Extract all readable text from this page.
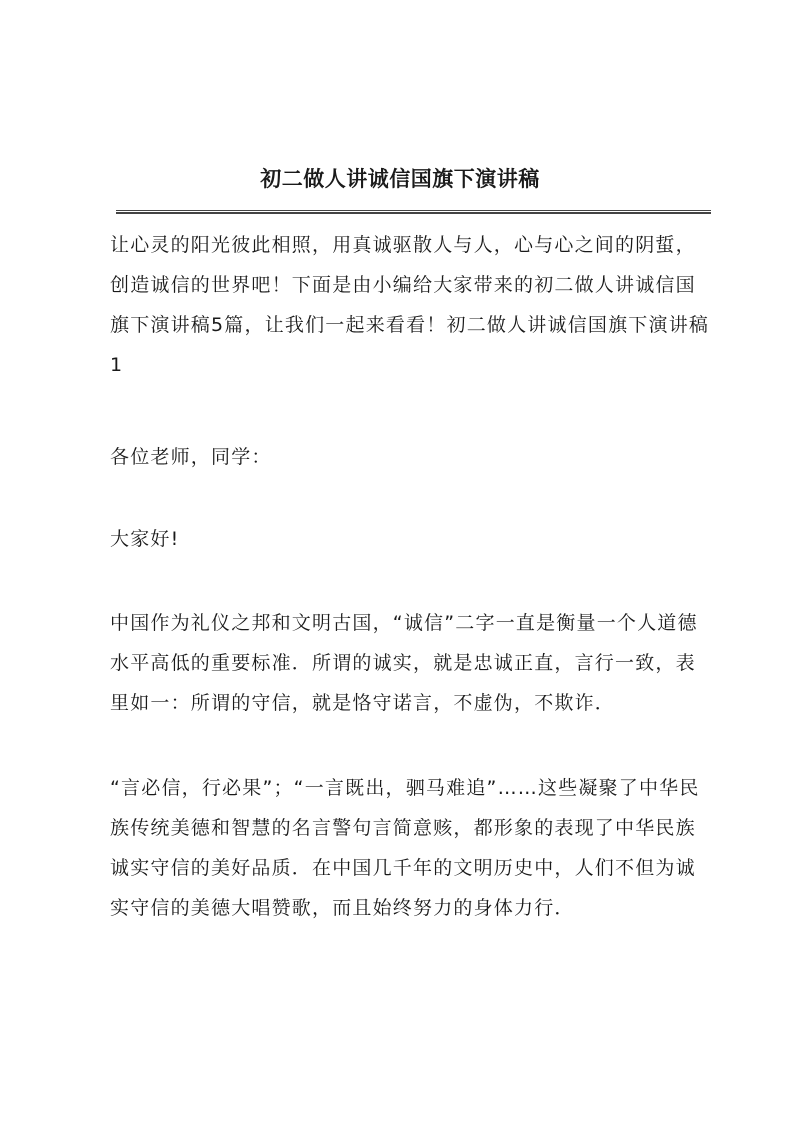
初二做人讲诚信国旗下演讲稿

让心灵的阳光彼此相照，用真诚驱散人与人，心与心之间的阴蜇，创造诚信的世界吧！下面是由小编给大家带来的初二做人讲诚信国旗下演讲稿5篇，让我们一起来看看！初二做人讲诚信国旗下演讲稿1

各位老师，同学：

大家好!

中国作为礼仪之邦和文明古国，“诚信”二字一直是衡量一个人道德水平高低的重要标准．所谓的诚实，就是忠诚正直，言行一致，表里如一：所谓的守信，就是恪守诺言，不虚伪，不欺诈．

“言必信，行必果”；“一言既出，驷马难追”……这些凝聚了中华民族传统美德和智慧的名言警句言简意赅，都形象的表现了中华民族诚实守信的美好品质．在中国几千年的文明历史中，人们不但为诚实守信的美德大唱赞歌，而且始终努力的身体力行．
